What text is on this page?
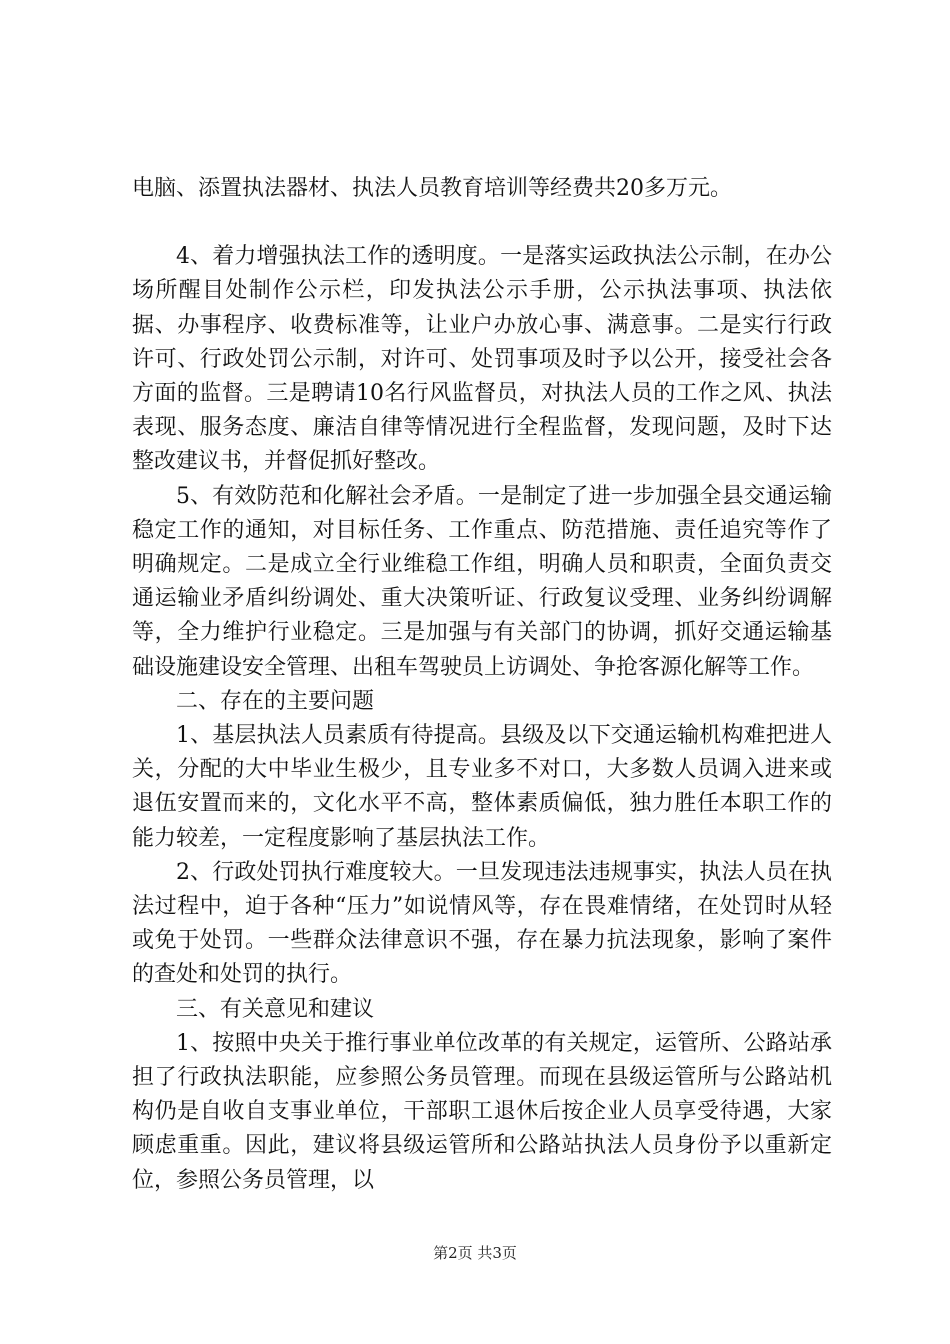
电脑、添置执法器材、执法人员教育培训等经费共20多万元。

4、着力增强执法工作的透明度。一是落实运政执法公示制，在办公场所醒目处制作公示栏，印发执法公示手册，公示执法事项、执法依据、办事程序、收费标准等，让业户办放心事、满意事。二是实行行政许可、行政处罚公示制，对许可、处罚事项及时予以公开，接受社会各方面的监督。三是聘请10名行风监督员，对执法人员的工作之风、执法表现、服务态度、廉洁自律等情况进行全程监督，发现问题，及时下达整改建议书，并督促抓好整改。

5、有效防范和化解社会矛盾。一是制定了进一步加强全县交通运输稳定工作的通知，对目标任务、工作重点、防范措施、责任追究等作了明确规定。二是成立全行业维稳工作组，明确人员和职责，全面负责交通运输业矛盾纠纷调处、重大决策听证、行政复议受理、业务纠纷调解等，全力维护行业稳定。三是加强与有关部门的协调，抓好交通运输基础设施建设安全管理、出租车驾驶员上访调处、争抢客源化解等工作。

二、存在的主要问题

1、基层执法人员素质有待提高。县级及以下交通运输机构难把进人关，分配的大中毕业生极少，且专业多不对口，大多数人员调入进来或退伍安置而来的，文化水平不高，整体素质偏低，独力胜任本职工作的能力较差，一定程度影响了基层执法工作。

2、行政处罚执行难度较大。一旦发现违法违规事实，执法人员在执法过程中，迫于各种“压力”如说情风等，存在畏难情绪，在处罚时从轻或免于处罚。一些群众法律意识不强，存在暴力抗法现象，影响了案件的查处和处罚的执行。

三、有关意见和建议

1、按照中央关于推行事业单位改革的有关规定，运管所、公路站承担了行政执法职能，应参照公务员管理。而现在县级运管所与公路站机构仍是自收自支事业单位，干部职工退休后按企业人员享受待遇，大家顾虑重重。因此，建议将县级运管所和公路站执法人员身份予以重新定位，参照公务员管理，以

第2页 共3页
